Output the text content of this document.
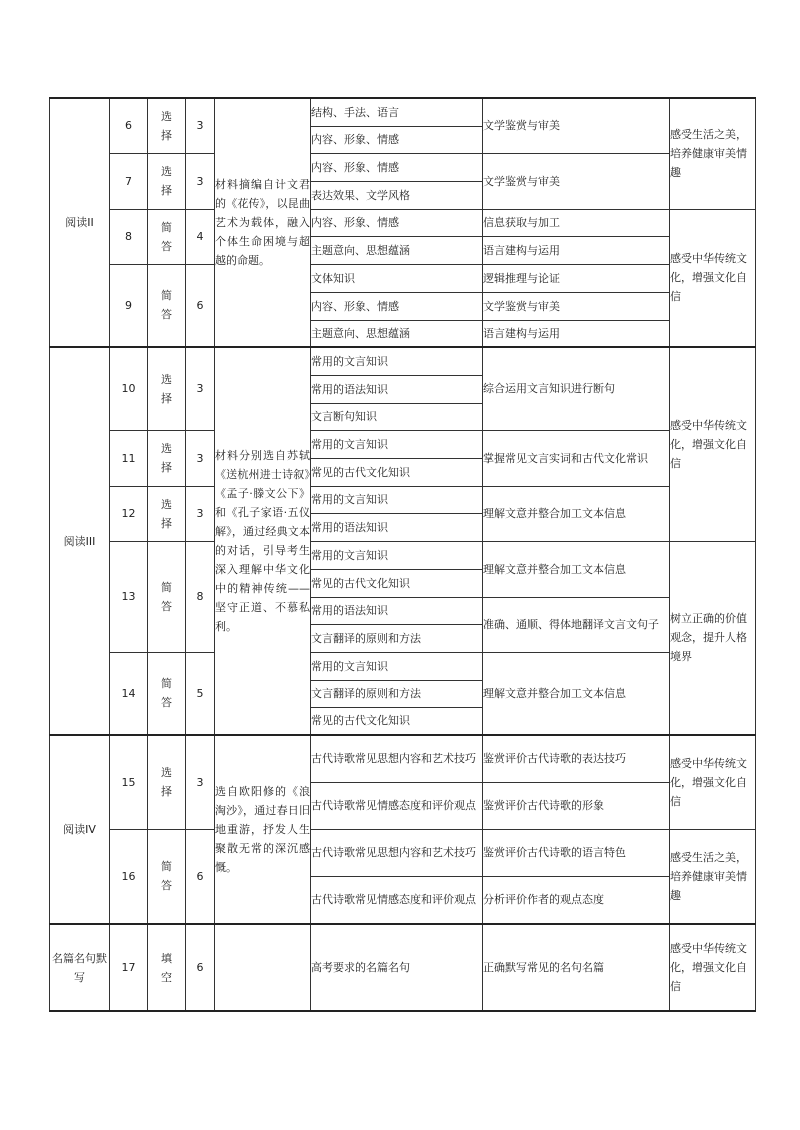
阅读II	6	选择	3	材料摘编自计文君的《花传》，以昆曲艺术为载体，融入个体生命困境与超越的命题。	结构、手法、语言	文学鉴赏与审美	感受生活之美，培养健康审美情趣
					内容、形象、情感		
	7	选择	3		内容、形象、情感	文学鉴赏与审美	
					表达效果、文学风格		
	8	简答	4		内容、形象、情感	信息获取与加工	感受中华传统文化，增强文化自信
					主题意向、思想蕴涵	语言建构与运用	
	9	简答	6		文体知识	逻辑推理与论证	
					内容、形象、情感	文学鉴赏与审美	
					主题意向、思想蕴涵	语言建构与运用	
阅读III	10	选择	3	材料分别选自苏轼《送杭州进士诗叙》《孟子·滕文公下》和《孔子家语·五仪解》，通过经典文本的对话，引导考生深入理解中华文化中的精神传统——坚守正道、不慕私利。	常用的文言知识	综合运用文言知识进行断句	感受中华传统文化，增强文化自信
					常用的语法知识		
					文言断句知识		
	11	选择	3		常用的文言知识	掌握常见文言实词和古代文化常识	
					常见的古代文化知识		
	12	选择	3		常用的文言知识	理解文意并整合加工文本信息	
					常用的语法知识		
	13	简答	8		常用的文言知识	理解文意并整合加工文本信息	树立正确的价值观念，提升人格境界
					常见的古代文化知识		
					常用的语法知识	准确、通顺、得体地翻译文言文句子	
					文言翻译的原则和方法		
	14	简答	5		常用的文言知识	理解文意并整合加工文本信息	
					文言翻译的原则和方法		
					常见的古代文化知识		
阅读IV	15	选择	3	选自欧阳修的《浪淘沙》，通过春日旧地重游，抒发人生聚散无常的深沉感慨。	古代诗歌常见思想内容和艺术技巧	鉴赏评价古代诗歌的表达技巧	感受中华传统文化，增强文化自信
					古代诗歌常见情感态度和评价观点	鉴赏评价古代诗歌的形象	
	16	简答	6		古代诗歌常见思想内容和艺术技巧	鉴赏评价古代诗歌的语言特色	感受生活之美，培养健康审美情趣
					古代诗歌常见情感态度和评价观点	分析评价作者的观点态度	
名篇名句默写	17	填空	6		高考要求的名篇名句	正确默写常见的名句名篇	感受中华传统文化，增强文化自信
